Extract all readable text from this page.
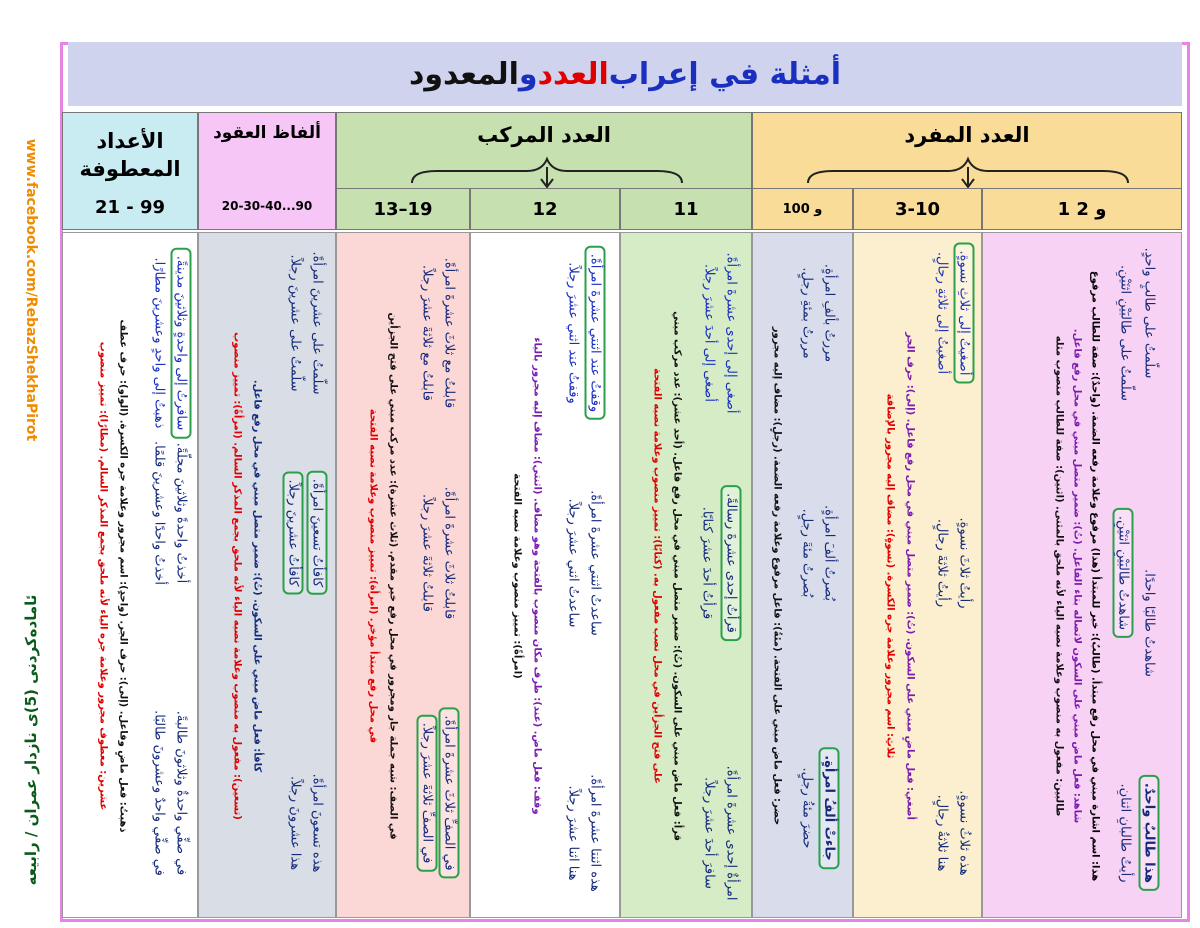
www.facebook.com/RebazShekhaPirot
ئامادەکردنی (5)ی نازدار عمران / رابیعه
أمثلة في إعراب
العدد
و
المعدود
العدد المفرد
1 و 2
3-10
100 و
العدد المركب
11
12
13–19
ألفاظ العقود
20-30-40...90
الأعداد المعطوفة
21 - 99
هذا طالبٌ واحدٌ.
رأيتُ طالبانِ اثنانِ.
شاهدتُ طالبًا واحدًا.
شاهدتُ طالبَيْنِ اثنَيْنِ.
سلّمتُ على طالبٍ واحدٍ.
سلّمتُ على طالبَيْنِ اثنَيْنِ.
هذا: اسم اشارة مبني في محل رفع مبتدأ. (طالبٌ): خبر للمبتدأ (هذا) مرفوع وعلامة رفعه الضمة. (واحدٌ): صفة للطالب مرفوع
شاهد: فعل ماض مبني على السكون لاتصاله بتاء الفاعل. (تُ): ضمير متصل مبني في محل رفع فاعل.
طالبين: مفعول به منصوب وعلامة نصبه الياء لأنه ملحق بالمثنى. (اثنين): صفة للطالب منصوب مثله
هذه ثلاثُ نسوةٍ.
هنا ثلاثةُ رجالٍ.
رأيتُ ثلاثَ نسوةٍ.
رأيتُ ثلاثةَ رجالٍ.
أصغيتُ إلى ثلاثِ نسوةٍ.
أصغيتُ إلى ثلاثةِ رجالٍ.
أصغي: فعل ماضٍ مبني على السكون. (تُ): ضمير متصل مبني في محل رفع فاعل. (إلى): حرف الجر
ثلاثِ: اسم مجرور وعلامة جره الكسرة. (نسوةٍ): مضاف إليه مجرور بالإضافة
جاءتْ ألفُ امرأةٍ.
حضرَ مئةُ رجلٍ.
بُصرتُ ألفَ امرأةٍ.
بُصرتُ مئةَ رجلٍ.
مررتُ بألفِ امرأةٍ.
مررتُ بمئةِ رجلٍ.
حضر: فعل ماض مبني على الفتحة. (مئةُ): فاعل مرفوع وعلامة رفعه الضمة. (رجلٍ): مضاف إليه مجرور
امرأةٌ إحدى عشرةَ امرأةً.
سافرَ أحدَ عشرَ رجلاً.
قرأتُ إحدى عشرةَ رسالةً.
قرأتُ أحدَ عشرَ كتابًا.
أصغى إلى إحدى عشرةَ امرأةً.
أصغى إلى أحدَ عشرَ رجلاً.
قرأ: فعل ماض مبني على السكون. (تُ): ضمير متصل مبني في محل رفع فاعل. (أحد عشر): عدد مركب مبني
على فتح الجزأين في محل نصب مفعول به. (كتابًا): تمييز منصوب وعلامة نصبه الفتحة
هذه اثنتا عشرةَ امرأةً.
هنا اثنا عشرَ رجلاً.
ساعدتُ اثنتي عشرةَ امرأةً.
ساعدتُ اثني عشرَ رجلاً.
وقفتُ عند اثنتي عشرةَ امرأةً.
وقفتُ عند اثني عشرَ رجلاً.
وقف: فعل ماض. (عند): ظرف مكان منصوب بالفتحة وهو مضاف. (اثنتي): مضاف إليه مجرور بالياء
(امرأةً): تمييز منصوب وعلامة نصبه الفتحة
في الصفِّ ثلاثَ عشرةَ امرأةً.
في الصفِّ ثلاثةَ عشرَ رجلاً.
قابلتُ ثلاثَ عشرةَ امرأةً.
قابلتُ ثلاثةَ عشرَ رجلاً.
قابلتُ مع ثلاثَ عشرةَ امرأةً.
قابلتُ مع ثلاثةَ عشرَ رجلاً.
في الصف: شبه جملة جار ومجرور في محل رفع خبر مقدم. (ثلاث عشرة): عدد مركب مبني على فتح الجزأين
في محل رفع مبتدأ مؤخر. (امرأة): تمييز منصوب وعلامة نصبه الفتحة
هذه تسعونَ امرأةً.
هذا عشرونَ رجلاً.
كافأتُ تسعينَ امرأةً.
كافأتُ عشرينَ رجلاً.
سلّمتُ على عشرينَ امرأةً.
سلّمتُ على عشرينَ رجلاً.
كافأ: فعل ماض مبني على السكون. (تُ): ضمير متصل مبني في محل رفع فاعل.
(تسعين): مفعول به منصوب وعلامة نصبه الياء لأنه ملحق بجمع المذكر السالم. (امرأةً): تمييز منصوب
في صفِّي واحدةٌ وثلاثونَ طالبةً.
في صفِّي واحدٌ وعشرونَ طالبًا.
أخذتُ واحدةً وثلاثينَ مجلّةً.
أخذتُ واحدًا وعشرينَ قلمًا.
سافرتُ إلى واحدةٍ وثلاثينَ مدينةً.
ذهبتُ إلى واحدٍ وعشرينَ مطارًا.
ذهبتُ: فعل ماضٍ وفاعل. (إلى): حرف الجر. (واحدٍ): اسم مجرور وعلامة جره الكسرة. (الواو): حرف عطف
عشرين: معطوف مجرور وعلامة جره الياء لأنه ملحق بجمع المذكر السالم. (مطارًا): تمييز منصوب
